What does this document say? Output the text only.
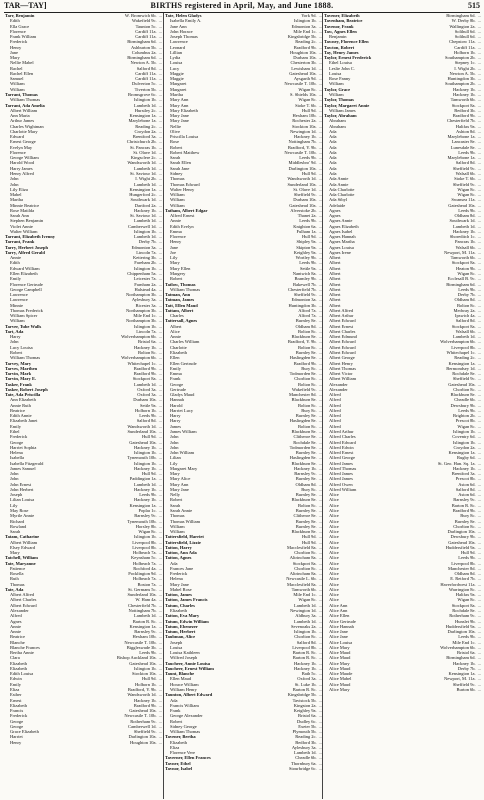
TAR—TAY]	BIRTHS registered in April, May, and June 1888.	515
Tarr, Benjamin	W. Bromwich 6b. ...
Edith	Wakefield 9c. ...
Ella Grace	Taunton 5c. ...
Florence	Cardiff 11a. ...
Frank William	Cardiff 11a. ...
Frederick	Birmingham 6d. ...
Henry	Ashburton 5b. ...
Jane	Columbus 2a. ...
Mary	Birmingham 6d. ...
Nellie Mabel	Newton A. 5b. ...
Rachel	Salford 8d. ...
Rachel Ellen	Cardiff 11a. ...
Samuel	Cardiff 11a. ...
William	Dulverton 5c. ...
William	Tiverton 5b. ...
Tarrant, Thomas	Bromsgrove 6c. ...
William Thomas	Islington 1b. ...
Tarrant, Ada Amelia	Lambeth 1d. ...
Albert William	Hurstley 2c. ...
Ann Maria	Kensington 1a. ...
Arthur James	Marylebone 1a. ...
Charles Wightman	Reading 2c. ...
Charlotte Mary	Croydon 2a. ...
Edward	Brentford 3a. ...
Ernest George	Christchurch 2b. ...
Evelyn May	St. Pancras 1b. ...
Florence	St. Olave 1d. ...
George William	Kingsclere 2c. ...
Harold Wood	Wandsworth 1d. ...
Harry James	Lambeth 1d. ...
Henry Alfred	St. Saviour 1d. ...
John	I. Wight 2b. ...
John	Lambeth 1d. ...
Lily Eliza	Kensington 1a. ...
Mabel	Hungerford 2c. ...
Martha	Southwark 1d. ...
Minnie Beatrice	Dartford 2a. ...
Rose Matilda	Hackney 1b. ...
Sarah Ann	St. Saviour 1d. ...
Stephen Benjamin	Lambeth 1d. ...
Violet Annie	Camberwell 1d. ...
Walter William	Islington 1b. ...
Tarrant, Elizabeth Ivenny	Lambeth 1d. ...
Tarrant, Frank	Derby 7b. ...
Tarry, Herbert Joseph	Edmonton 3a. ...
Tarry, Alfred Gerald	Lincoln 7a. ...
Annie	Kettering 3b. ...
Edith	Fareham 2b. ...
Edward William	Islington 1b. ...
Ellen Elizabeth	Chippenham 5a. ...
Emily	Leicester 7a. ...
Florence Gertrude	Farnham 2a. ...
George Campbell	Halstead 4a. ...
Lawrence	Northampton 3b. ...
Lawrence	Aylesbury 3a. ...
Minnie	Bicester 3a. ...
Thomas Frederick	Northampton 3b. ...
William Spicer	Mile End 1c. ...
William	Northampton 3b. ...
Tarver, Tube Walls	Islington 1b. ...
Tart, Ada	Lincoln 7a. ...
Harry	Wolverhampton 6b. ...
John	Bristol 6a. ...
Lucy Louisa	Hackney 1b. ...
Robert	Bolton 8c. ...
William Thomas	Wolverhampton 6b. ...
Tarvey, Mary	Whitechapel 1c. ...
Tarves, Marthen	Bradford 9b. ...
Tarvin, Mark	Bradford 9b. ...
Tarvin, Mary E.	Stockport 8a. ...
Tasker, Frank	Lambeth 1d. ...
Tasker, Robert Joseph	Oxford 3a. ...
Tate, Ada Priscilla	Oxford 3a. ...
Ann Elizabeth	Durham 10a. ...
Annie Ruth	Settle 9a. ...
Beatrice	Holborn 1b. ...
Edith Annie	Leeds 9b. ...
Elizabeth Janet	Salford 8d. ...
Emily	Wandsworth 1d. ...
Ethel	Sunderland 10a. ...
Frederick	Hull 9d. ...
George	Gateshead 10a. ...
Harriet Sophia	Hackney 1b. ...
Helena	Islington 1b. ...
Isabella	Tynemouth 10b. ...
Isabella Fitzgerald	Islington 1b. ...
James Samuel	Hackney 1b. ...
John	Hull 9d. ...
John	Paddington 1a. ...
John Ernest	Lambeth 1d. ...
John Herbert	Hackney 1b. ...
Joseph	Leeds 9b. ...
Lilian Louisa	Hackney 1b. ...
Lily	Kensington 1a. ...
May Rose	Poplar 1c. ...
Myrtle Annie	Barnsley 9c. ...
Richard	Tynemouth 10b. ...
Rowland	Horsley 8b. ...
Sarah	Wigan 8c. ...
Tatam, Catharine	Islington 1b. ...
Albert William	Liverpool 8b. ...
Elsey Edward	Liverpool 8b. ...
Mary	Holbeach 7a. ...
Tatchell, William	Keynsham 5c. ...
Tate, Maryanne	Holbeach 7a. ...
Patience	Rochford 4a. ...
Rosella	Pocklington 9d. ...
Ruth	Holbeach 7a. ...
Thomas	Boston 7a. ...
Tate, Ada	St. Germans 5c. ...
Albert Alfred	Sunderland 10a. ...
Albert Charles	W. Ham 4a. ...
Albert Edward	Chesterfield 7b. ...
Alexander	Nottingham 7b. ...
Alfred	Lambeth 1d. ...
Agnes	Barton R. 8c. ...
Annie	Kensington 1a. ...
Annie	Barnsley 9c. ...
Beatrice	Hexham 10b. ...
Blanche	Newcastle T. 10b. ...
Blanche Frances	Biggleswade 3b. ...
Bertha Annie	Leeds 9b. ...
Clara	Bishop Auckland 10a. ...
Elizabeth	Gateshead 10a. ...
Elizabeth	Islington 1b. ...
Edith Louisa	Stockton 10a. ...
Edwin	Hull 9d. ...
Emily	Holborn 1b. ...
Eliza	Bradford, Y. 9b. ...
Esther	Wandsworth 1d. ...
Ernest	Hackney 1b. ...
Elizabeth	Bradford 9b. ...
Francis	Gateshead 10a. ...
Frederick	Newcastle T. 10b. ...
George	Rotherham 9c. ...
George	Camberwell 1d. ...
Grace Elizabeth	Sheffield 9c. ...
Harriet	Darlington 10a. ...
Henry	Houghton 10a. ...
Tate, Helen Gladys	York 9d. ...
Isabella Emily A.	Islington 1b. ...
Jane Ann	Edmonton 3a. ...
John Horace	Mile End 1c. ...
Joseph Thomas	Kingsbridge 5b. ...
Lawrence	Reading 2c. ...
Leonard	Bradford 9b. ...
Lillian	Houghton 10a. ...
Lydia	Durham 10a. ...
Louisa	Chesterton 3b. ...
Lucy	Lewisham 1d. ...
Maggie	Gateshead 10a. ...
Maggie	Aysgarth 9d. ...
Margaret	Newcastle T. 10b. ...
Margaret	Wigan 8c. ...
Martha	S. Shields 10a. ...
Mary Ann	Wigan 8c. ...
Mary Ann	Stoke T. 6b. ...
Mary Elizabeth	Hull 9d. ...
Mary Jane	Hexham 10b. ...
Mary Jane	Rochester 2a. ...
Nellie	Stockton 10a. ...
Olive	Newington 1d. ...
Priscilla Louisa	Hackney 1b. ...
Rose	Nottingham 7b. ...
Robert	Bradford, Y. 9b. ...
Robert Matthew	Newcastle T. 10b. ...
Sarah	Leeds 9b. ...
Sarah Ellen	Middlesbro' 9d. ...
Sarah Jane	Darlington 10a. ...
Sidney	Hull 9d. ...
Thomas	Wandsworth 1d. ...
Thomas Edward	Sunderland 10a. ...
Walter Henry	St. Olave 1d. ...
William	Sheffield 9c. ...
William	Durham 10a. ...
William	Gateshead 10a. ...
Tatham, Albert Edgar	Alverstoke 2b. ...
Alfred Ernest	Thanet 2a. ...
Annie	Leeds 9b. ...
Edith Evelyn	Knighton 6a. ...
Emma	Fulham 1a. ...
Florence	Hull 9d. ...
Henry	Shipley 9a. ...
Jane	Skipton 9a. ...
Joe	Keighley 9a. ...
Lily	Wortley 9b. ...
Mary	Leeds 9b. ...
Mary Ellen	Settle 9a. ...
Margery	Nantwich 8a. ...
Robert	Bramley 9b. ...
Tatlow, Thomas	Bakewell 7b. ...
William Thomas	Chesterfield 7b. ...
Tatman, Ann	Sheffield 9c. ...
Tatman, James	Edmonton 3a. ...
Tatt, Ellen Maud	Huntingdon 3b. ...
Tattam, Albert	Alford 7a. ...
Charles	Alford 7a. ...
Tattersall, Agnes	Burnley 8e. ...
Albert	Oldham 8d. ...
Alice	Bolton 8c. ...
Annie	Blackburn 8e. ...
Charles William	Bradford, Y. 9b. ...
Charlotte	Bolton 8c. ...
Elizabeth	Burnley 8e. ...
Ellen	Haslingden 8e. ...
Ellen Gertrude	Bradford 9b. ...
Emily	Bury 8c. ...
Emma	Todmorden 8e. ...
Frank	Chorlton 8c. ...
George	Bolton 8c. ...
Gertrude	Wakefield 9c. ...
Gladys Maud	Manchester 8d. ...
Hannah	Blackburn 8e. ...
Harold	Bolton 8c. ...
Harriet Lucy	Bury 8c. ...
Harry	Burnley 8e. ...
Harry	Haslingden 8e. ...
James	Bolton 8c. ...
James William	Blackburn 8e. ...
John	Clitheroe 8e. ...
John	Rochdale 8e. ...
John	Todmorden 8e. ...
John William	Burnley 8e. ...
Lilian	Haslingden 8e. ...
Lily	Blackburn 8e. ...
Margaret Mary	Hackney 1b. ...
Mary	Barnsley 9c. ...
Mary Alice	Burnley 8e. ...
Mary Ann	Oldham 8d. ...
Mary Jane	Bury 8c. ...
Nelly	Burnley 8e. ...
Robert	Blackburn 8e. ...
Sarah	Bolton 8c. ...
Sarah Annie	Burnley 8e. ...
Thomas	Clitheroe 8e. ...
Thomas William	Burnley 8e. ...
William	Burnley 8e. ...
William	Blackburn 8e. ...
Tattersfield, Harriet	Hull 9d. ...
Tattersfield, Lizzie	Hull 9d. ...
Tatton, Harry	Macclesfield 8a. ...
Tatton, Ann Ada	Chorlton 8c. ...
Tatton, Agnes	Altrincham 8a. ...
Ada	Stockport 8a. ...
Frances Jane	Chorlton 8c. ...
Frederick	Altrincham 8a. ...
Helena	Newcastle L. 6b. ...
Mary Jane	Macclesfield 8a. ...
Mabel Rose	Tamworth 6b. ...
Tatton, James	Mile End 1c. ...
Tatton, James Francis	Wigan 8c. ...
Tatum, Charles	Lambeth 1d. ...
Elizabeth	Newington 1d. ...
Tatton, Eva Mary	Aldbury 3a. ...
Tatum, Edwin William	Lambeth 1d. ...
Tatum, Ebenezer	Sevenoaks 2a. ...
Tatum, Herbert	Islington 1b. ...
Taubman, Alice	Chorlton 8c. ...
Joseph	Salford 8d. ...
Louisa	Liverpool 8b. ...
Louisa Kathleen	Barton R. 8c. ...
Wilfred Joseph	Barton R. 8c. ...
Taucheer, Annie Louisa	Hackney 1b. ...
Taucheer, Ernest William	Hackney 1b. ...
Taunt, Blanche	Bath 5c. ...
Ellen Maud	Oxford 3a. ...
Horace William	St. Luke 1b. ...
William Henry	Barton R. 8c. ...
Taunton, Albert Edward	Kingsbridge 5b. ...
Ada	Tavistock 5b. ...
Francis William	Kingston 2a. ...
Frank	Keighley 9a. ...
George Alexander	Bristol 6a. ...
Robert	Dudley 6c. ...
Sidney George	Exeter 5b. ...
William Thomas	Plymouth 5b. ...
Tavener, Bertha	Reading 2c. ...
Elizabeth	Bedford 3b. ...
Eliza	Aylesbury 3a. ...
Florence Vere	Lambeth 1d. ...
Taverner, Ellen Frances	Cheadle 6b. ...
Tavner, Ethel	Thornbury 6a. ...
Tavnor, Isabel	Stourbridge 6c. ...
Tavener, Elizabeth	Birmingham 6d. ...
Tavenham, Beatrice	W. Derby 8b. ...
Tavenor, Frank	Wallington 2a. ...
Taw, Agnes Ellen	Solihull 6d. ...
Benjamin	Solihull 6d. ...
Tawney, Florence Ellen	Chepstow 11a. ...
Tawton, Robert	Cardiff 11a. ...
Tay, Henry James	Holborn 1b. ...
Taylor, Ernest Frederick	Southampton 2b. ...
Ethel Louisa	Stepney 1c. ...
Leslie John C.	I. Wight 2b. ...
Louisa	Newton A. 5b. ...
Rose Fanny	Huntingdon 3b. ...
William	Southampton 2b. ...
Taylor, Grace	Hackney 1b. ...
William	Hackney 1b. ...
Taylor, Thomas	Tamworth 6b. ...
Taylor, Margaret Annie	Stockport 8a. ...
William James	Bedford 3b. ...
Taylor, Abraham	Bradford 9b. ...
Abraham	Chesterfield 7b. ...
Abraham	Halifax 9a. ...
Ada	Ashton 8d. ...
Ada	Marylebone 1a. ...
Ada	Lancaster 8e. ...
Ada	Lunesdale 8e. ...
Ada	Leeds 9b. ...
Ada	Marylebone 1a. ...
Ada	Salford 8d. ...
Ada	Sheffield 9c. ...
Ada	Walsall 6b. ...
Ada Annie	Stoke T. 6b. ...
Ada Annie	Sheffield 9c. ...
Ada Charlotte	Wigan 8c. ...
Ada Charlotte	Wigan 8c. ...
Ada Sibyl	Swansea 11a. ...
Adelaide	Gateshead 10a. ...
Agnes	Leeds 9b. ...
Agnes	Oldham 8d. ...
Agnes Annie	Southwark 1d. ...
Agnes Elizabeth	Lambeth 1d. ...
Agnes Isabel	Hackney 1b. ...
Agnes Hannah	Shoreditch 1c. ...
Agnes Martha	Pancras 1b. ...
Agnes Louisa	Walsall 6b. ...
Agnes Irene	Newport, M. 11a. ...
Albert	Tamworth 6b. ...
Albert	Stockport 8a. ...
Albert	Heaton 9b. ...
Albert	Wigan 8c. ...
Albert	Ecclesall B. 9c. ...
Albert	Birmingham 6d. ...
Albert	Leeds 9b. ...
Albert	Derby 7b. ...
Albert	Oldham 8d. ...
Albert	Bolton 8c. ...
Albert Alfred	Medway 2a. ...
Albert Arthur	Ipswich 4a. ...
Albert Edward	Salford 8d. ...
Albert Ernest	Stockport 8a. ...
Albert Charles	Walsall 6b. ...
Albert Edmund	Lambeth 1d. ...
Albert Edward	Wolverhampton 6b. ...
Albert Edward	Liverpool 8b. ...
Albert Edward	Whitechapel 1c. ...
Albert George	Reading 2c. ...
Albert Henry	Kensington 1a. ...
Albert Thomas	Bermondsey 1d. ...
Albert Victor	Rochdale 8e. ...
Albert William	Sheffield 9c. ...
Alexander	Gateshead 10a. ...
Alexander	Chorlton 8c. ...
Alfred	Blackburn 8e. ...
Alfred	Cheadle 6b. ...
Alfred	Dewsbury 9b. ...
Alfred	Leeds 9b. ...
Alfred	Brighton 2b. ...
Alfred	Prescot 8b. ...
Alfred	Wigan 8c. ...
Alfred Arthur	Islington 1b. ...
Alfred Charles	Coventry 6d. ...
Alfred Edward	Islington 1b. ...
Alfred Edwin	Croydon 2a. ...
Alfred Ernest	Kensington 1a. ...
Alfred George	Rugby 6d. ...
Alfred James	St. Geo. Han. Sq. 1a. ...
Alfred Thomas	Hackney 1b. ...
Alfred James	Brentford 3a. ...
Alfred James	Prescot 8b. ...
Alfred Owen	Aston 6d. ...
Alfred William	Salford 8d. ...
Alice	Aston 6d. ...
Alice	Barnsley 9c. ...
Alice	Barton R. 8c. ...
Alice	Bradford 9b. ...
Alice	Bury 8c. ...
Alice	Burnley 8e. ...
Alice	Chorlton 8c. ...
Alice	Darlington 10a. ...
Alice	Dewsbury 9b. ...
Alice	Gateshead 10a. ...
Alice	Huddersfield 9a. ...
Alice	Hull 9d. ...
Alice	Leeds 9b. ...
Alice	Liverpool 8b. ...
Alice	Manchester 8d. ...
Alice	Oldham 8d. ...
Alice	E. Retford 7b. ...
Alice	Haverfordwest 11a. ...
Alice	Warrington 8c. ...
Alice	Halifax 9a. ...
Alice	Wigan 8c. ...
Alice Ann	Stockport 8a. ...
Alice Ann	Rochdale 8e. ...
Alice Ellen	Rotherham 9c. ...
Alice Gertrude	Hunslet 9b. ...
Alice Hannah	Huddersfield 9a. ...
Alice Jane	Darlington 10a. ...
Alice Jane	Leeds 9b. ...
Alice Louisa	Mile End 1c. ...
Alice Mary	Wolverhampton 6b. ...
Alice Maud	Bristol 6a. ...
Alice Maud	Birmingham 6d. ...
Alice Mary	Hackney 1b. ...
Alice Maud	Derby 7b. ...
Alice Maude	Kensington 1a. ...
Alice Mabel	Newport, M. 11a. ...
Alice Maud	Sheffield 9c. ...
Alice Mary	Burton 6b. ...
